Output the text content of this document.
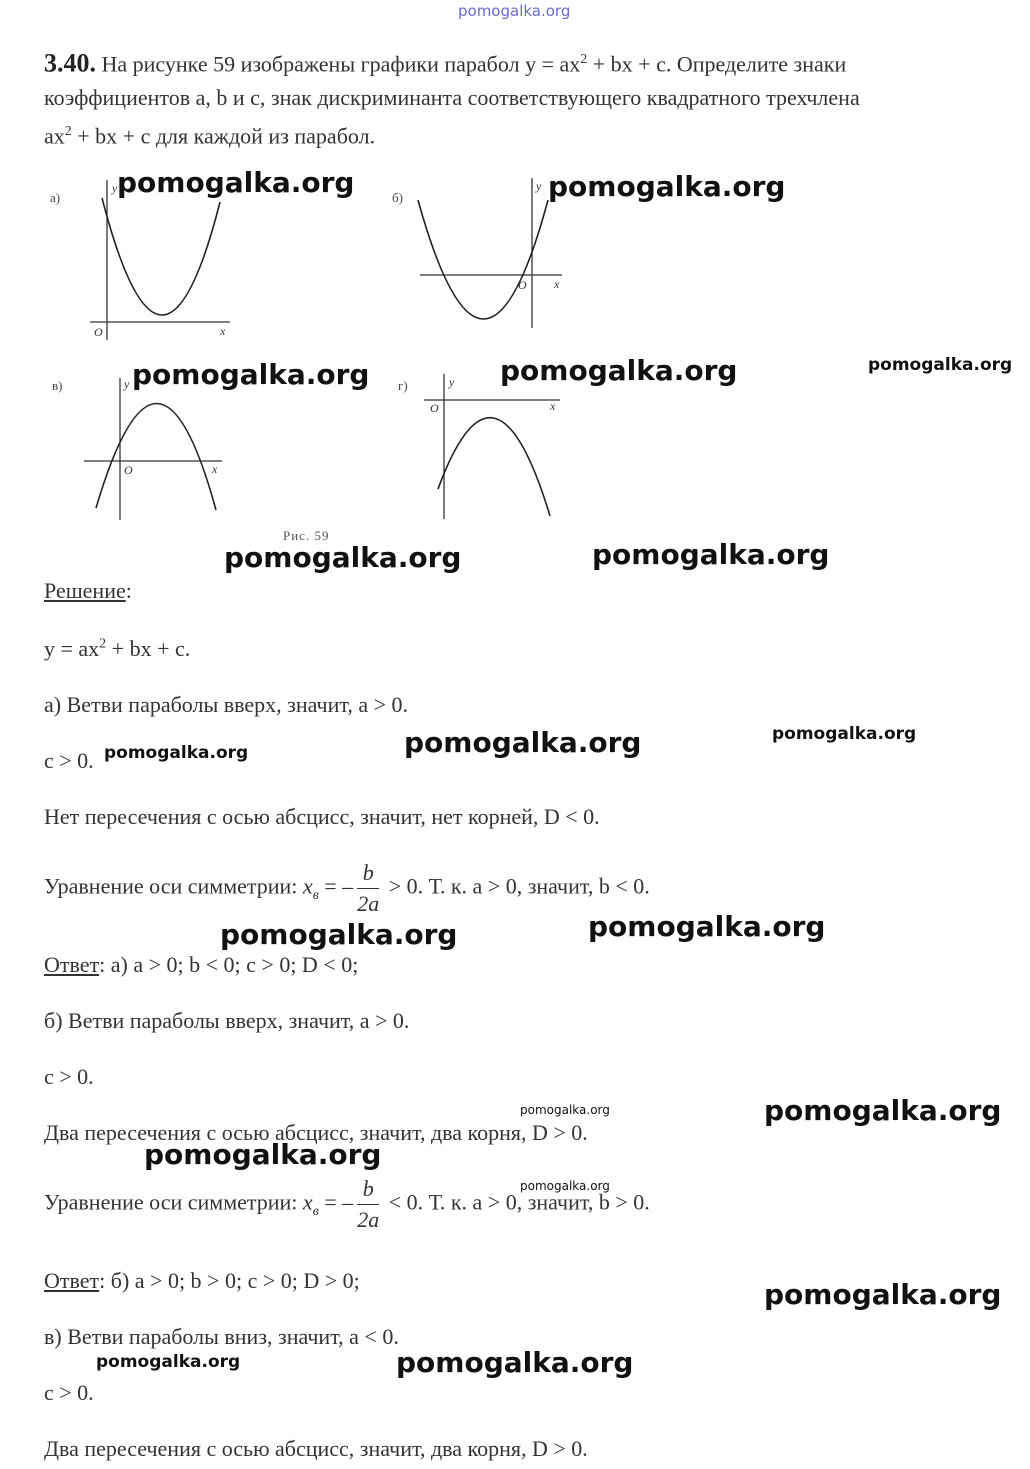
pomogalka.org
3.40. На рисунке 59 изображены графики парабол $y = ax^2$ + bx + c. Определите знаки
коэффициентов a, b и c, знак дискриминанта соответствующего квадратного трехчлена
$ax^2$ + bx + c для каждой из парабол.
а)
O	x
y
б)
O x
y
в)
O	x
y	г)
O	x
y
Рис. 59
Решение:
$y = ax^2$ + bx + c.
а) Ветви параболы вверх, значит, a > 0.
c > 0.
Нет пересечения с осью абсцисс, значит, нет корней, D < 0.
Уравнение оси симметрии: $x_в$ = – $\frac{b}{2a} > 0$. Т. к. a > 0, значит, b < 0.
Ответ: а) a > 0; b < 0; c > 0; D < 0;
б) Ветви параболы вверх, значит, a > 0.
c > 0.
Два пересечения с осью абсцисс, значит, два корня, D > 0.
Уравнение оси симметрии: $x_в$ = – $\frac{b}{2a} < 0$. Т. к. a > 0, значит, b > 0.
Ответ: б) a > 0; b > 0; c > 0; D > 0;
в) Ветви параболы вниз, значит, a < 0.
c > 0.
Два пересечения с осью абсцисс, значит, два корня, D > 0.
pomogalka.org	pomogalka.org
pomogalka.org	pomogalka.org	pomogalka.org
pomogalka.org	pomogalka.org
pomogalka.org	pomogalka.org	pomogalka.org
pomogalka.org	pomogalka.org
pomogalka.org	pomogalka.org
pomogalka.org
pomogalka.org
pomogalka.org
pomogalka.org	pomogalka.org
